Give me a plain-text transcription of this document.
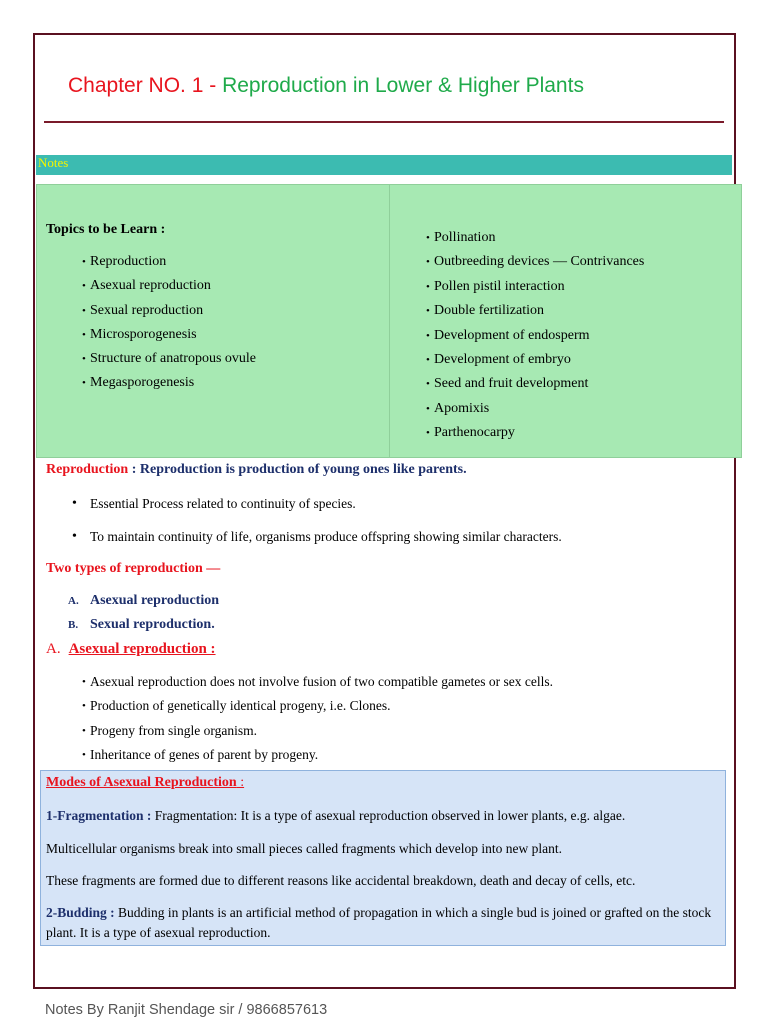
Chapter NO. 1 - Reproduction in Lower & Higher Plants
Notes
Topics to be Learn :
• Reproduction
• Asexual reproduction
• Sexual reproduction
• Microsporogenesis
• Structure of anatropous ovule
• Megasporogenesis
• Pollination
• Outbreeding devices — Contrivances
• Pollen pistil interaction
• Double fertilization
• Development of endosperm
• Development of embryo
• Seed and fruit development
• Apomixis
• Parthenocarpy
Reproduction : Reproduction is production of young ones like parents.
• Essential Process related to continuity of species.
• To maintain continuity of life, organisms produce offspring showing similar characters.
Two types of reproduction —
A. Asexual reproduction
B. Sexual reproduction.
A. Asexual reproduction :
• Asexual reproduction does not involve fusion of two compatible gametes or sex cells.
• Production of genetically identical progeny, i.e. Clones.
• Progeny from single organism.
• Inheritance of genes of parent by progeny.
Modes of Asexual Reproduction :
1-Fragmentation : Fragmentation: It is a type of asexual reproduction observed in lower plants, e.g. algae.
Multicellular organisms break into small pieces called fragments which develop into new plant.
These fragments are formed due to different reasons like accidental breakdown, death and decay of cells, etc.
2-Budding : Budding in plants is an artificial method of propagation in which a single bud is joined or grafted on the stock plant. It is a type of asexual reproduction.
Notes By Ranjit Shendage sir / 9866857613
